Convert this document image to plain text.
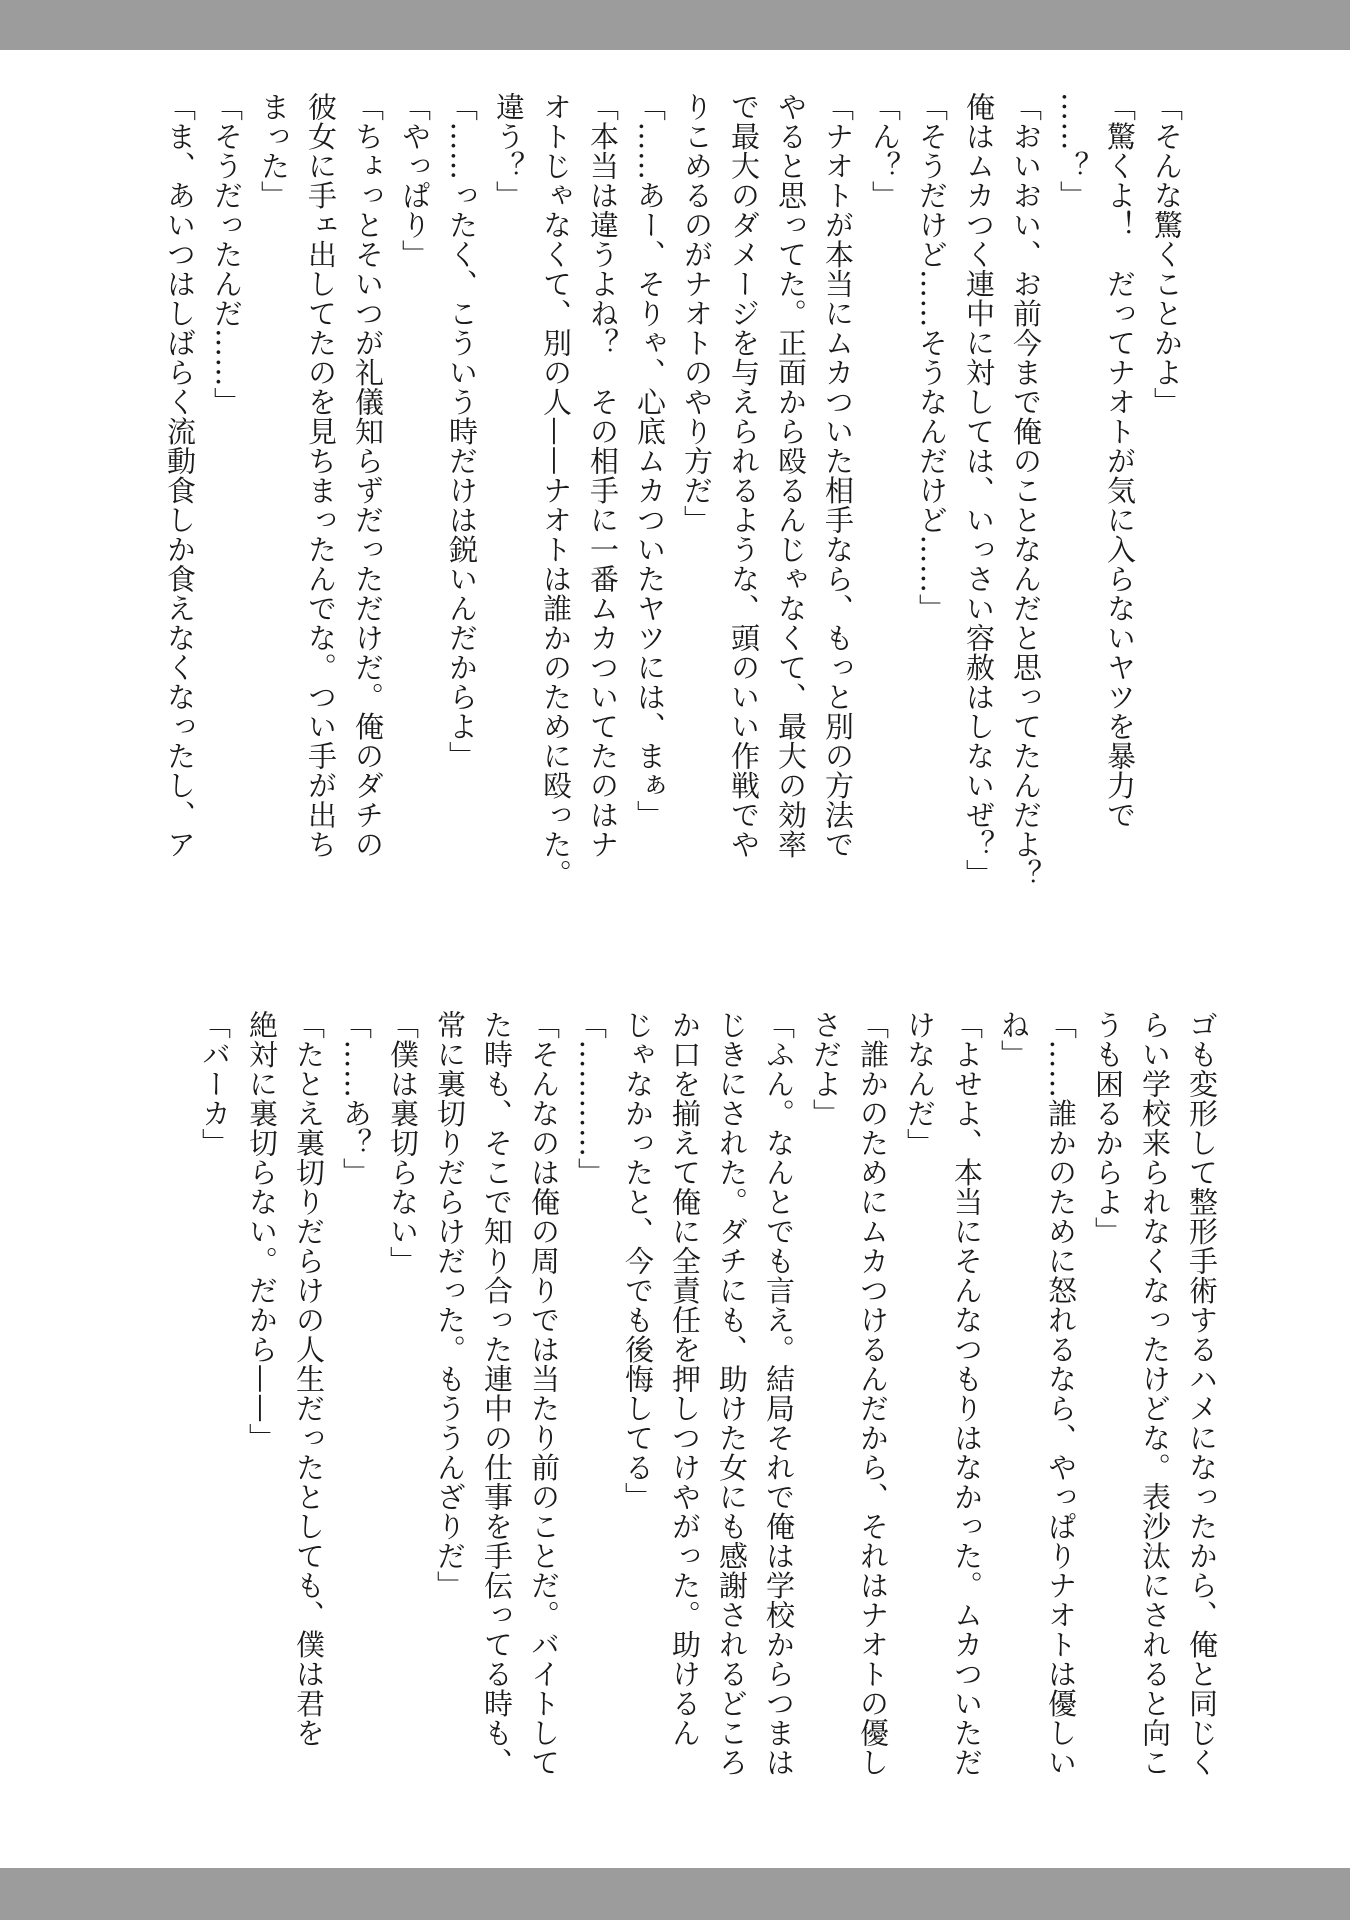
「そんな驚くことかよ」
「驚くよ！　だってナオトが気に入らないヤツを暴力で
……？」
「おいおい、お前今まで俺のことなんだと思ってたんだよ？
俺はムカつく連中に対しては、いっさい容赦はしないぜ？」
「そうだけど……そうなんだけど……」
「ん？」
「ナオトが本当にムカついた相手なら、もっと別の方法で
やると思ってた。正面から殴るんじゃなくて、最大の効率
で最大のダメージを与えられるような、頭のいい作戦でや
りこめるのがナオトのやり方だ」
「……あー、そりゃ、心底ムカついたヤツには、まぁ」
「本当は違うよね？　その相手に一番ムカついてたのはナ
オトじゃなくて、別の人——ナオトは誰かのために殴った。
違う？」
「……ったく、こういう時だけは鋭いんだからよ」
「やっぱり」
「ちょっとそいつが礼儀知らずだっただけだ。俺のダチの
彼女に手ェ出してたのを見ちまったんでな。つい手が出ち
まった」
「そうだったんだ……」
「ま、あいつはしばらく流動食しか食えなくなったし、ア
ゴも変形して整形手術するハメになったから、俺と同じく
らい学校来られなくなったけどな。表沙汰にされると向こ
うも困るからよ」
「……誰かのために怒れるなら、やっぱりナオトは優しい
ね」
「よせよ、本当にそんなつもりはなかった。ムカついただ
けなんだ」
「誰かのためにムカつけるんだから、それはナオトの優し
さだよ」
「ふん。なんとでも言え。結局それで俺は学校からつまは
じきにされた。ダチにも、助けた女にも感謝されるどころ
か口を揃えて俺に全責任を押しつけやがった。助けるん
じゃなかったと、今でも後悔してる」
「…………」
「そんなのは俺の周りでは当たり前のことだ。バイトして
た時も、そこで知り合った連中の仕事を手伝ってる時も、
常に裏切りだらけだった。もううんざりだ」
「僕は裏切らない」
「……あ？」
「たとえ裏切りだらけの人生だったとしても、僕は君を
絶対に裏切らない。だから——」
「バーカ」
